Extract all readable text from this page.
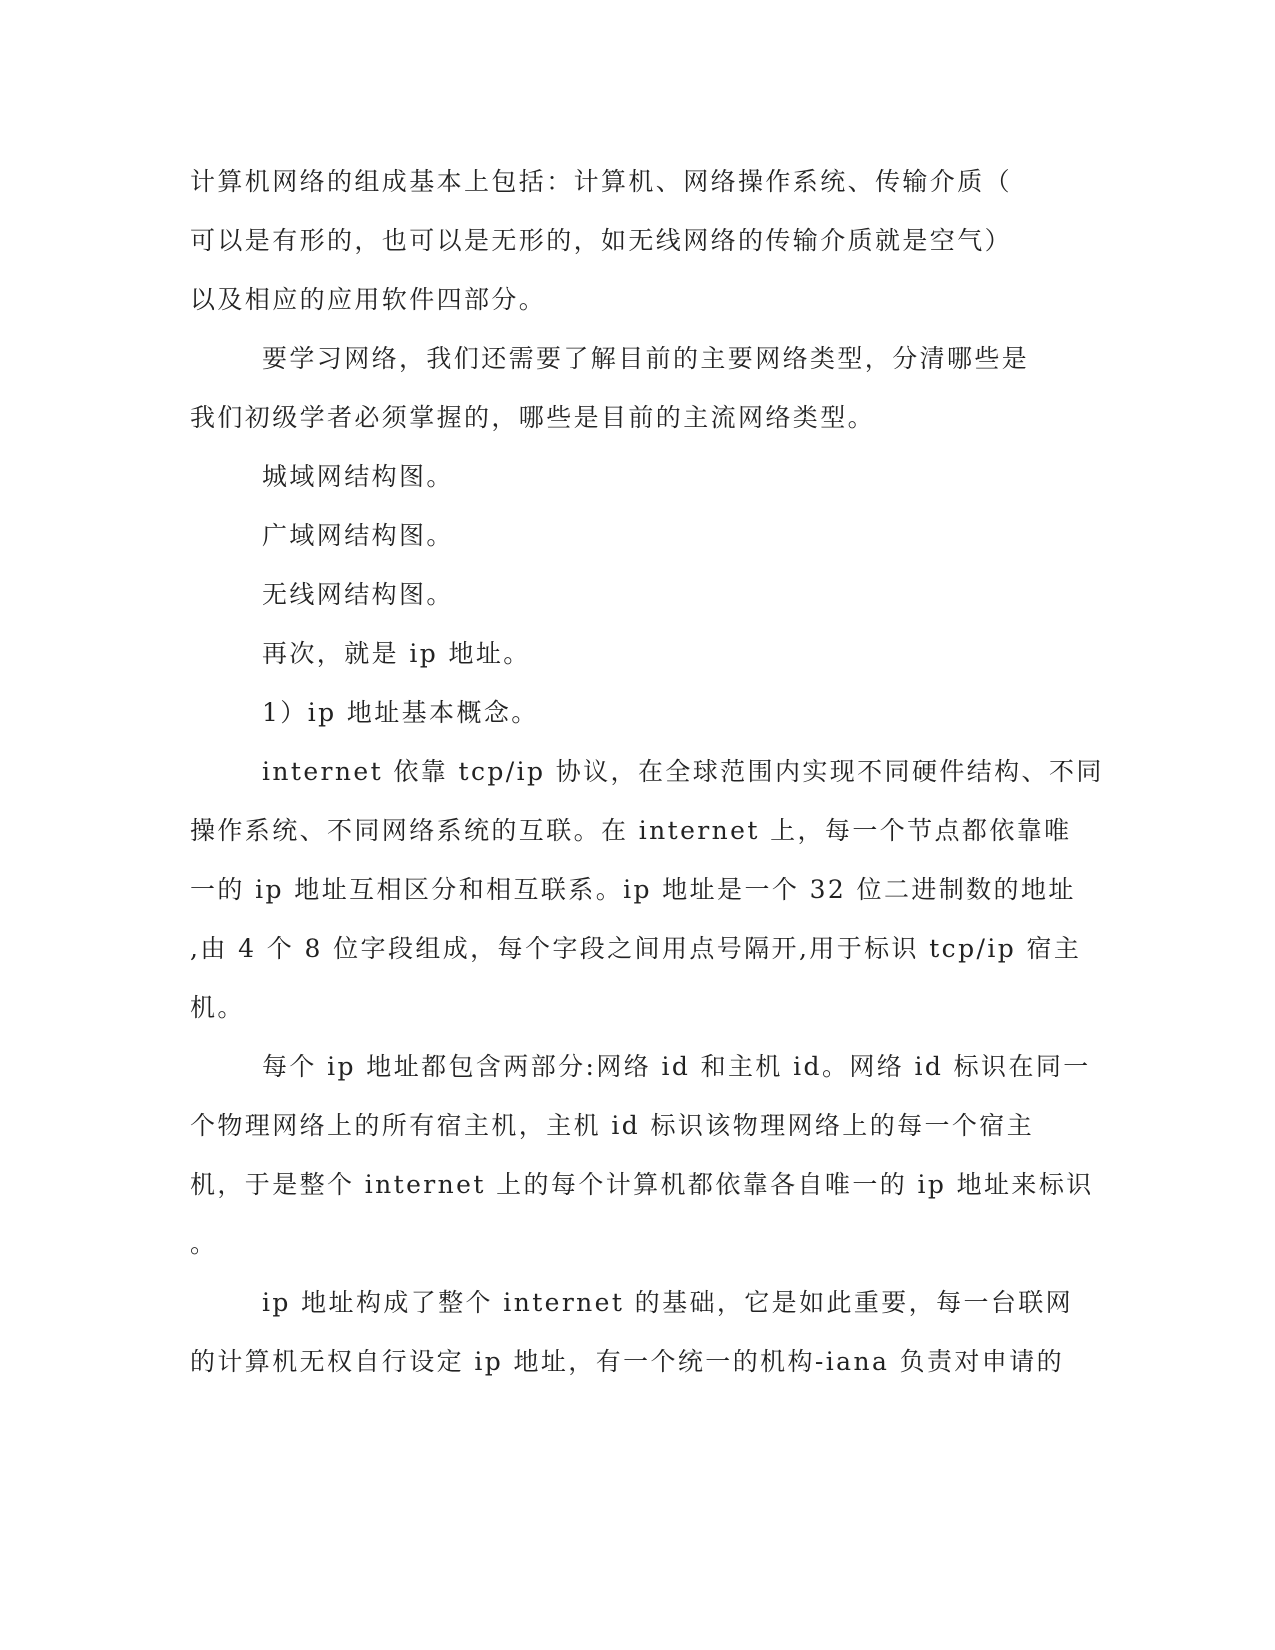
计算机网络的组成基本上包括：计算机、网络操作系统、传输介质（
可以是有形的，也可以是无形的，如无线网络的传输介质就是空气）
以及相应的应用软件四部分。
要学习网络，我们还需要了解目前的主要网络类型，分清哪些是
我们初级学者必须掌握的，哪些是目前的主流网络类型。
城域网结构图。
广域网结构图。
无线网结构图。
再次，就是 ip 地址。
1）ip 地址基本概念。
internet 依靠 tcp/ip 协议，在全球范围内实现不同硬件结构、不同
操作系统、不同网络系统的互联。在 internet 上，每一个节点都依靠唯
一的 ip 地址互相区分和相互联系。ip 地址是一个 32 位二进制数的地址
,由 4 个 8 位字段组成，每个字段之间用点号隔开,用于标识 tcp/ip 宿主
机。
每个 ip 地址都包含两部分:网络 id 和主机 id。网络 id 标识在同一
个物理网络上的所有宿主机，主机 id 标识该物理网络上的每一个宿主
机，于是整个 internet 上的每个计算机都依靠各自唯一的 ip 地址来标识
。
ip 地址构成了整个 internet 的基础，它是如此重要，每一台联网
的计算机无权自行设定 ip 地址，有一个统一的机构-iana 负责对申请的
